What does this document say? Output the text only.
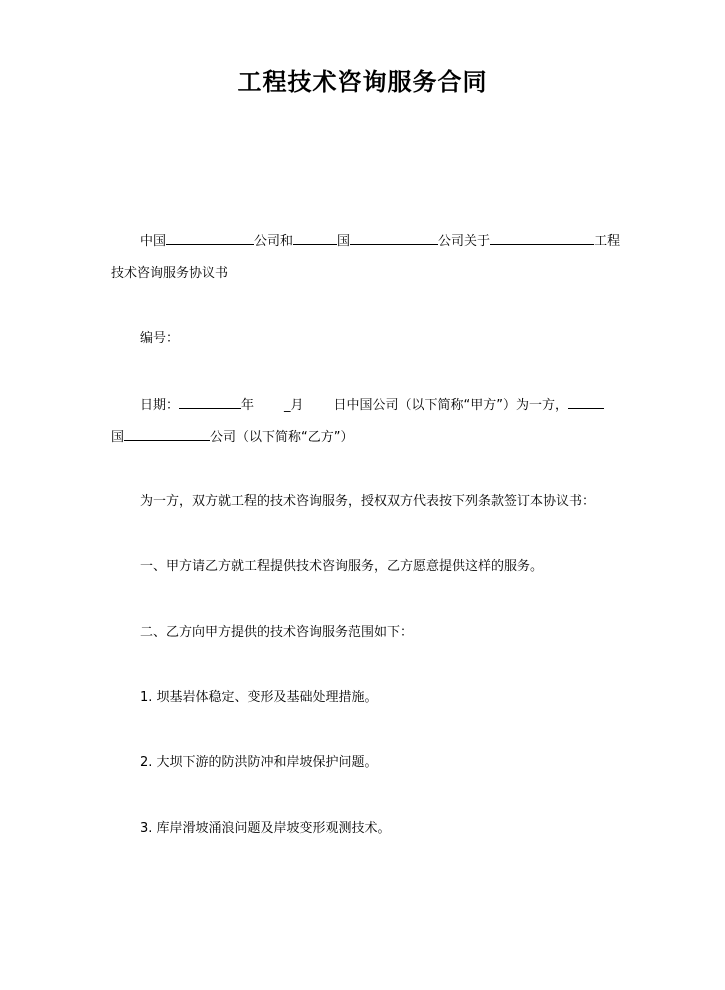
工程技术咨询服务合同
中国	公司和	国	公司关于	工程
技术咨询服务协议书
编号：
日期：	年 _月 日中国公司（以下简称“甲方”）为一方，
国	公司（以下简称“乙方”）
为一方，双方就工程的技术咨询服务，授权双方代表按下列条款签订本协议书：
一、甲方请乙方就工程提供技术咨询服务，乙方愿意提供这样的服务。
二、乙方向甲方提供的技术咨询服务范围如下：
1. 坝基岩体稳定、变形及基础处理措施。
2. 大坝下游的防洪防冲和岸坡保护问题。
3. 库岸滑坡涌浪问题及岸坡变形观测技术。
